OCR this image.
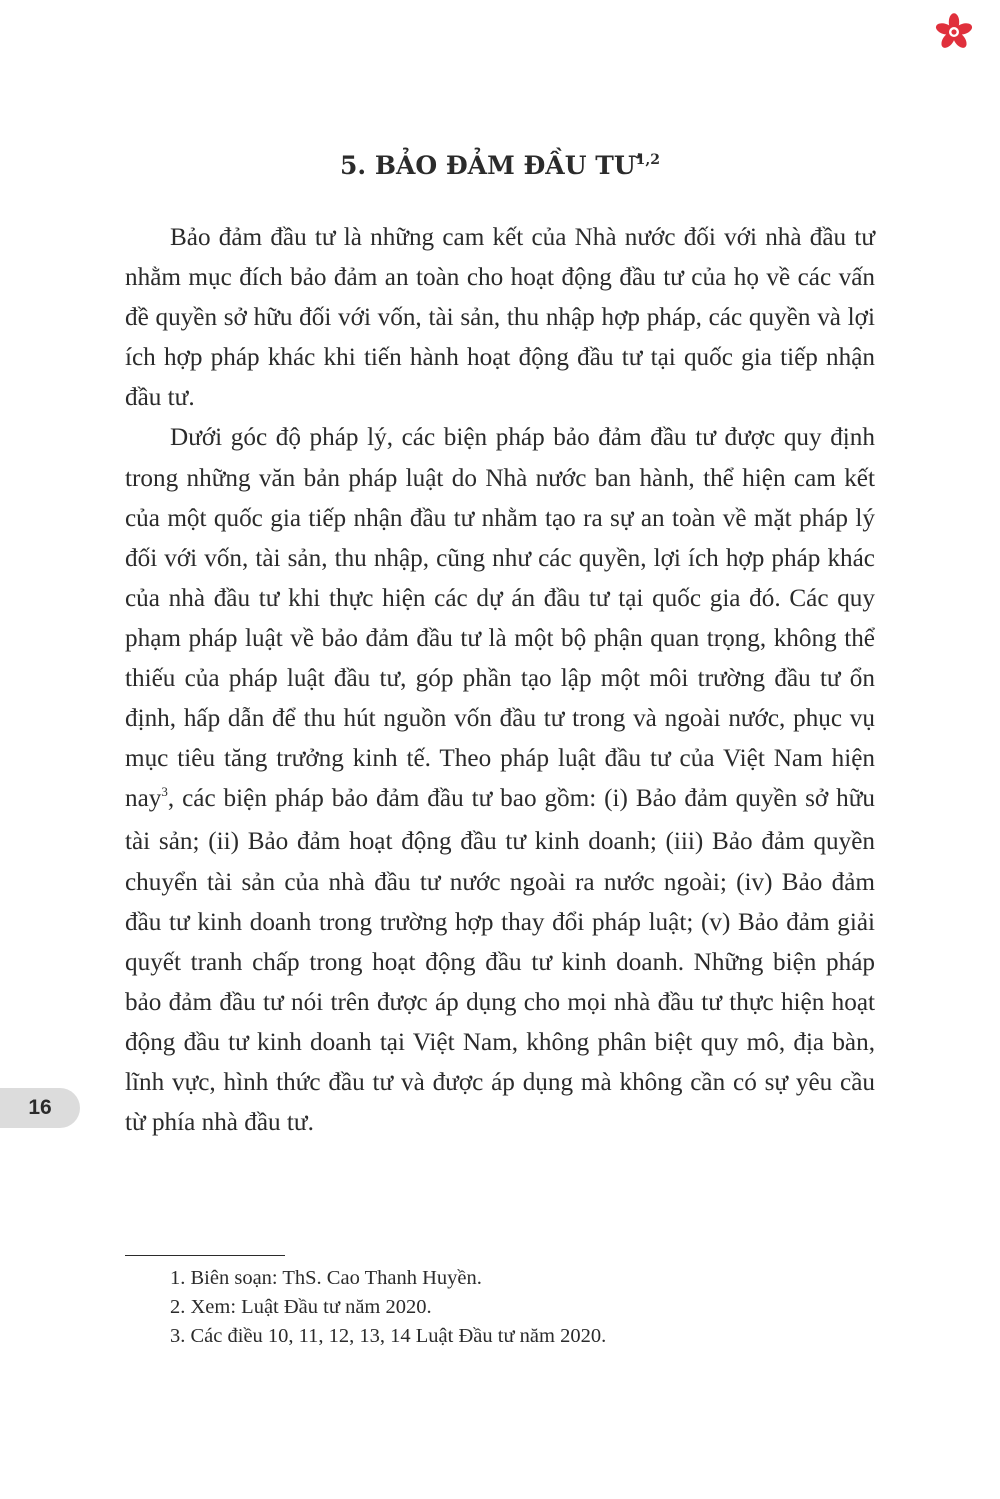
5. BẢO ĐẢM ĐẦU TƯ$^{1,2}$

Bảo đảm đầu tư là những cam kết của Nhà nước đối với nhà đầu tư nhằm mục đích bảo đảm an toàn cho hoạt động đầu tư của họ về các vấn đề quyền sở hữu đối với vốn, tài sản, thu nhập hợp pháp, các quyền và lợi ích hợp pháp khác khi tiến hành hoạt động đầu tư tại quốc gia tiếp nhận đầu tư.

Dưới góc độ pháp lý, các biện pháp bảo đảm đầu tư được quy định trong những văn bản pháp luật do Nhà nước ban hành, thể hiện cam kết của một quốc gia tiếp nhận đầu tư nhằm tạo ra sự an toàn về mặt pháp lý đối với vốn, tài sản, thu nhập, cũng như các quyền, lợi ích hợp pháp khác của nhà đầu tư khi thực hiện các dự án đầu tư tại quốc gia đó. Các quy phạm pháp luật về bảo đảm đầu tư là một bộ phận quan trọng, không thể thiếu của pháp luật đầu tư, góp phần tạo lập một môi trường đầu tư ổn định, hấp dẫn để thu hút nguồn vốn đầu tư trong và ngoài nước, phục vụ mục tiêu tăng trưởng kinh tế. Theo pháp luật đầu tư của Việt Nam hiện nay$^3$, các biện pháp bảo đảm đầu tư bao gồm: (i) Bảo đảm quyền sở hữu tài sản; (ii) Bảo đảm hoạt động đầu tư kinh doanh; (iii) Bảo đảm quyền chuyển tài sản của nhà đầu tư nước ngoài ra nước ngoài; (iv) Bảo đảm đầu tư kinh doanh trong trường hợp thay đổi pháp luật; (v) Bảo đảm giải quyết tranh chấp trong hoạt động đầu tư kinh doanh. Những biện pháp bảo đảm đầu tư nói trên được áp dụng cho mọi nhà đầu tư thực hiện hoạt động đầu tư kinh doanh tại Việt Nam, không phân biệt quy mô, địa bàn, lĩnh vực, hình thức đầu tư và được áp dụng mà không cần có sự yêu cầu từ phía nhà đầu tư.

16
1. Biên soạn: ThS. Cao Thanh Huyền.
2. Xem: Luật Đầu tư năm 2020.
3. Các điều 10, 11, 12, 13, 14 Luật Đầu tư năm 2020.
